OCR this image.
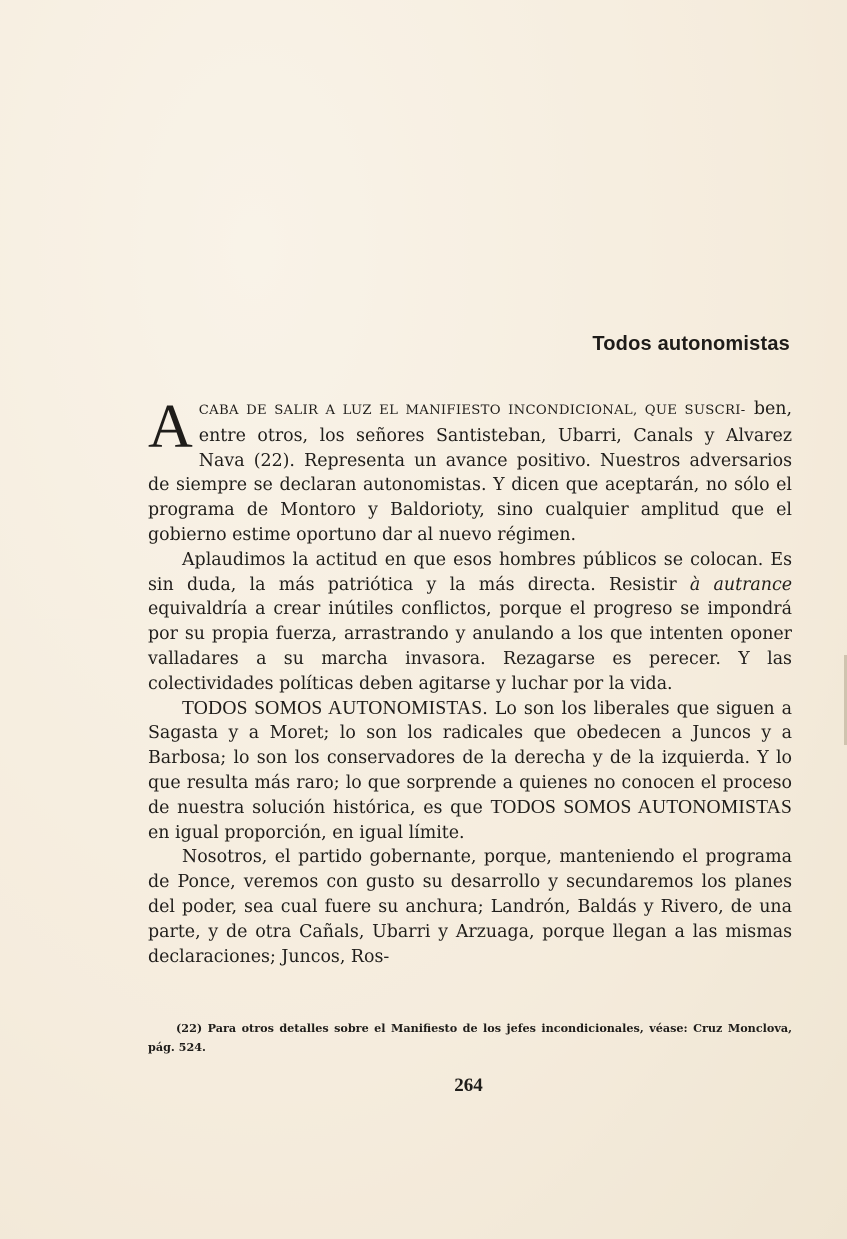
Todos autonomistas

ACABA DE SALIR A LUZ EL MANIFIESTO INCONDICIONAL, QUE SUSCRI- ben, entre otros, los señores Santisteban, Ubarri, Canals y Alvarez Nava (22). Representa un avance positivo. Nuestros adversarios de siempre se declaran autonomistas. Y dicen que aceptarán, no sólo el programa de Montoro y Baldorioty, sino cualquier amplitud que el gobierno estime oportuno dar al nuevo régimen.

Aplaudimos la actitud en que esos hombres públicos se colocan. Es sin duda, la más patriótica y la más directa. Resistir à autrance equivaldría a crear inútiles conflictos, porque el progreso se impondrá por su propia fuerza, arrastrando y anulando a los que intenten oponer valladares a su marcha invasora. Rezagarse es perecer. Y las colectividades políticas deben agitarse y luchar por la vida.

TODOS SOMOS AUTONOMISTAS. Lo son los liberales que siguen a Sagasta y a Moret; lo son los radicales que obedecen a Juncos y a Barbosa; lo son los conservadores de la derecha y de la izquierda. Y lo que resulta más raro; lo que sorprende a quienes no conocen el proceso de nuestra solución histórica, es que TODOS SOMOS AUTONOMISTAS en igual proporción, en igual límite.

Nosotros, el partido gobernante, porque, manteniendo el programa de Ponce, veremos con gusto su desarrollo y secundaremos los planes del poder, sea cual fuere su anchura; Landrón, Baldás y Rivero, de una parte, y de otra Cañals, Ubarri y Arzuaga, porque llegan a las mismas declaraciones; Juncos, Ros-

(22) Para otros detalles sobre el Manifiesto de los jefes incondicionales, véase: Cruz Monclova, pág. 524.

264
